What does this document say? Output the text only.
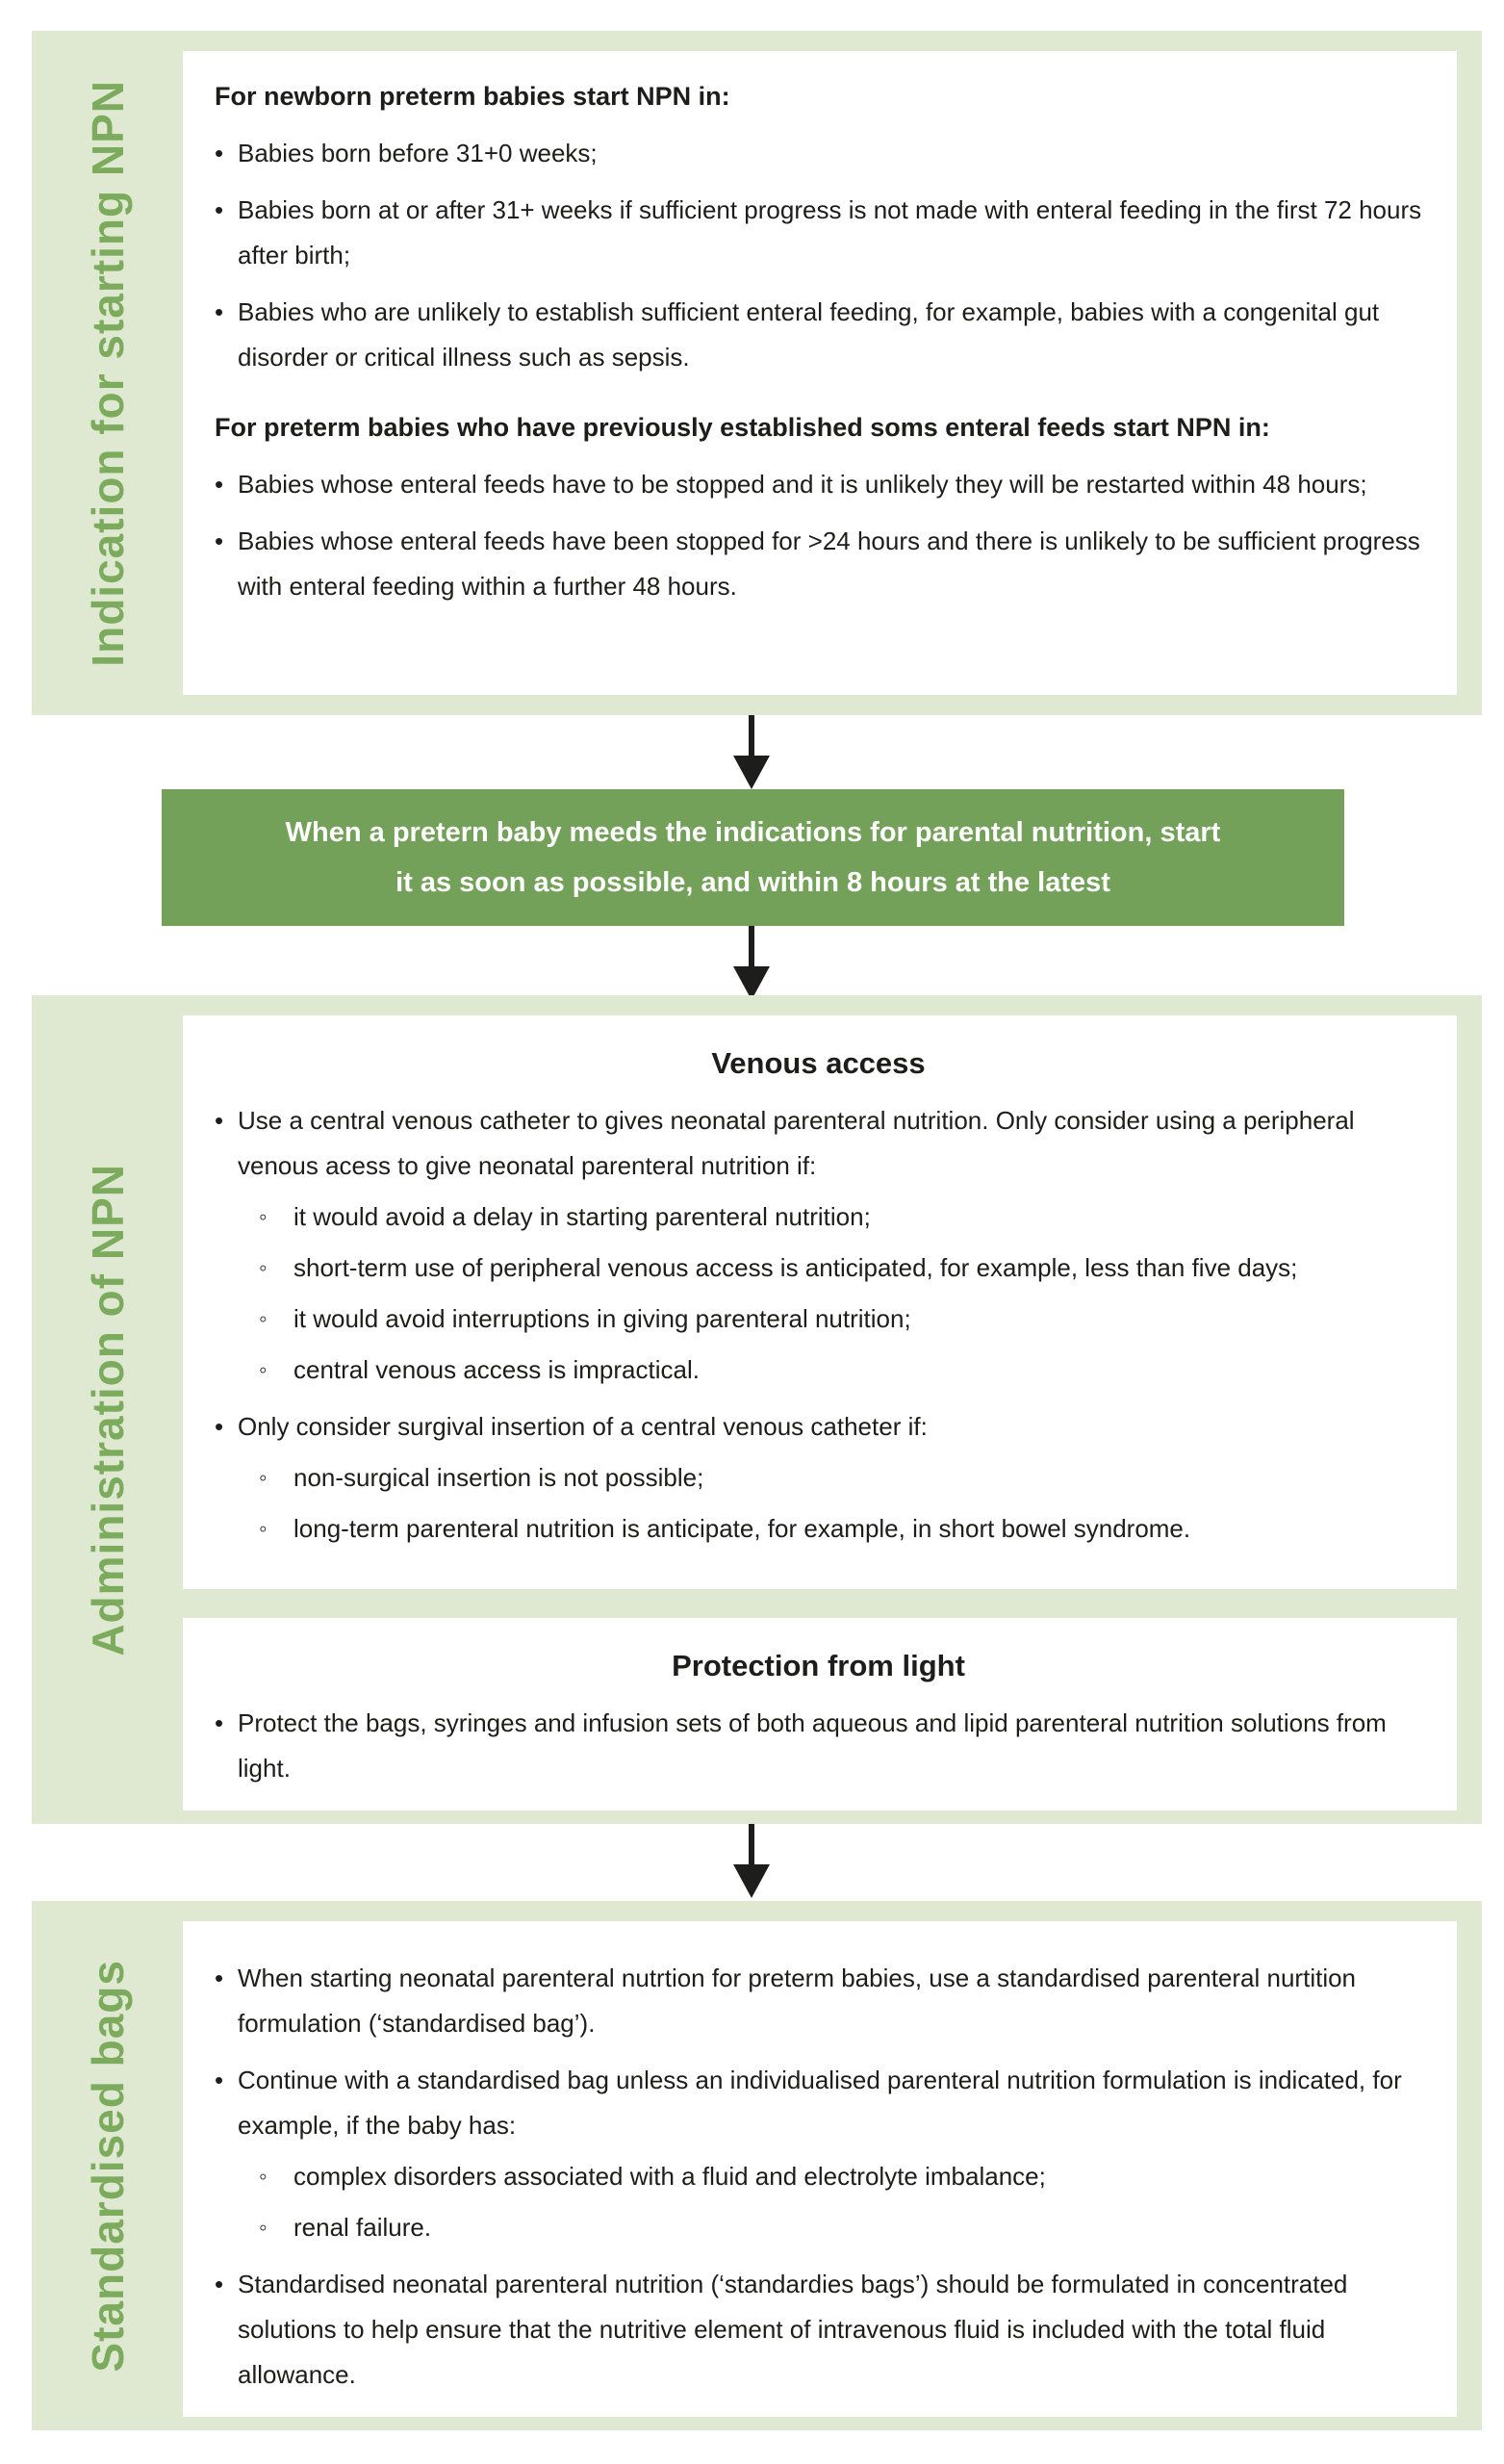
Indication for starting NPN	For newborn preterm babies start NPN in:

• Babies born before 31+0 weeks;
• Babies born at or after 31+ weeks if sufficient progress is not made with enteral feeding in the first 72 hours after birth;
• Babies who are unlikely to establish sufficient enteral feeding, for example, babies with a congenital gut disorder or critical illness such as sepsis.

For preterm babies who have previously established soms enteral feeds start NPN in:

• Babies whose enteral feeds have to be stopped and it is unlikely they will be restarted within 48 hours;
• Babies whose enteral feeds have been stopped for >24 hours and there is unlikely to be sufficient progress with enteral feeding within a further 48 hours.
When a pretern baby meeds the indications for parental nutrition, start
it as soon as possible, and within 8 hours at the latest
Administration of NPN

Venous access

• Use a central venous catheter to gives neonatal parenteral nutrition. Only consider using a peripheral venous acess to give neonatal parenteral nutrition if:
◦	it would avoid a delay in starting parenteral nutrition;
◦	short-term use of peripheral venous access is anticipated, for example, less than five days;
◦	it would avoid interruptions in giving parenteral nutrition;
◦	central venous access is impractical.
• Only consider surgival insertion of a central venous catheter if:
◦	non-surgical insertion is not possible;
◦	long-term parenteral nutrition is anticipate, for example, in short bowel syndrome.

Protection from light

• Protect the bags, syringes and infusion sets of both aqueous and lipid parenteral nutrition solutions from light.
Standardised bags	• When starting neonatal parenteral nutrtion for preterm babies, use a standardised parenteral nurtition formulation (‘standardised bag’).
• Continue with a standardised bag unless an individualised parenteral nutrition formulation is indicated, for example, if the baby has:
◦	complex disorders associated with a fluid and electrolyte imbalance;
◦	renal failure.
• Standardised neonatal parenteral nutrition (‘standardies bags’) should be formulated in concentrated solutions to help ensure that the nutritive element of intravenous fluid is included with the total fluid allowance.
